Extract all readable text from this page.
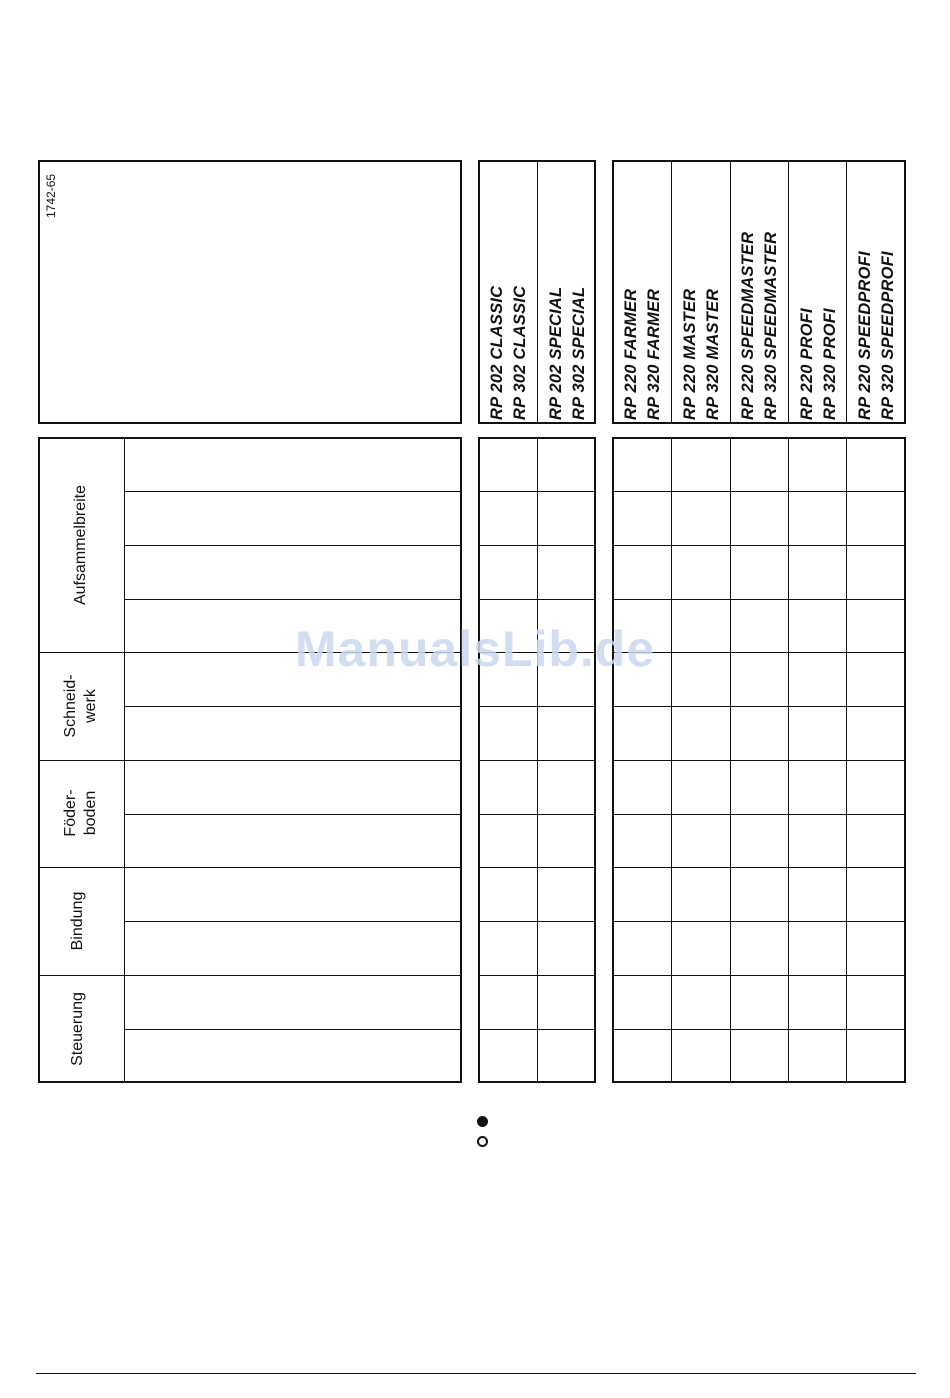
1742-65
RP 202 CLASSIC RP 302 CLASSIC RP 202 SPECIAL RP 302 SPECIAL RP 220 FARMER RP 320 FARMER RP 220 MASTER RP 320 MASTER RP 220 SPEEDMASTER RP 320 SPEEDMASTER RP 220 PROFI RP 320 PROFI RP 220 SPEEDPROFI RP 320 SPEEDPROFI
Aufsammelbreite
Schneid-
werk
Föder-
boden
Bindung
Steuerung
ManualsLib.de
